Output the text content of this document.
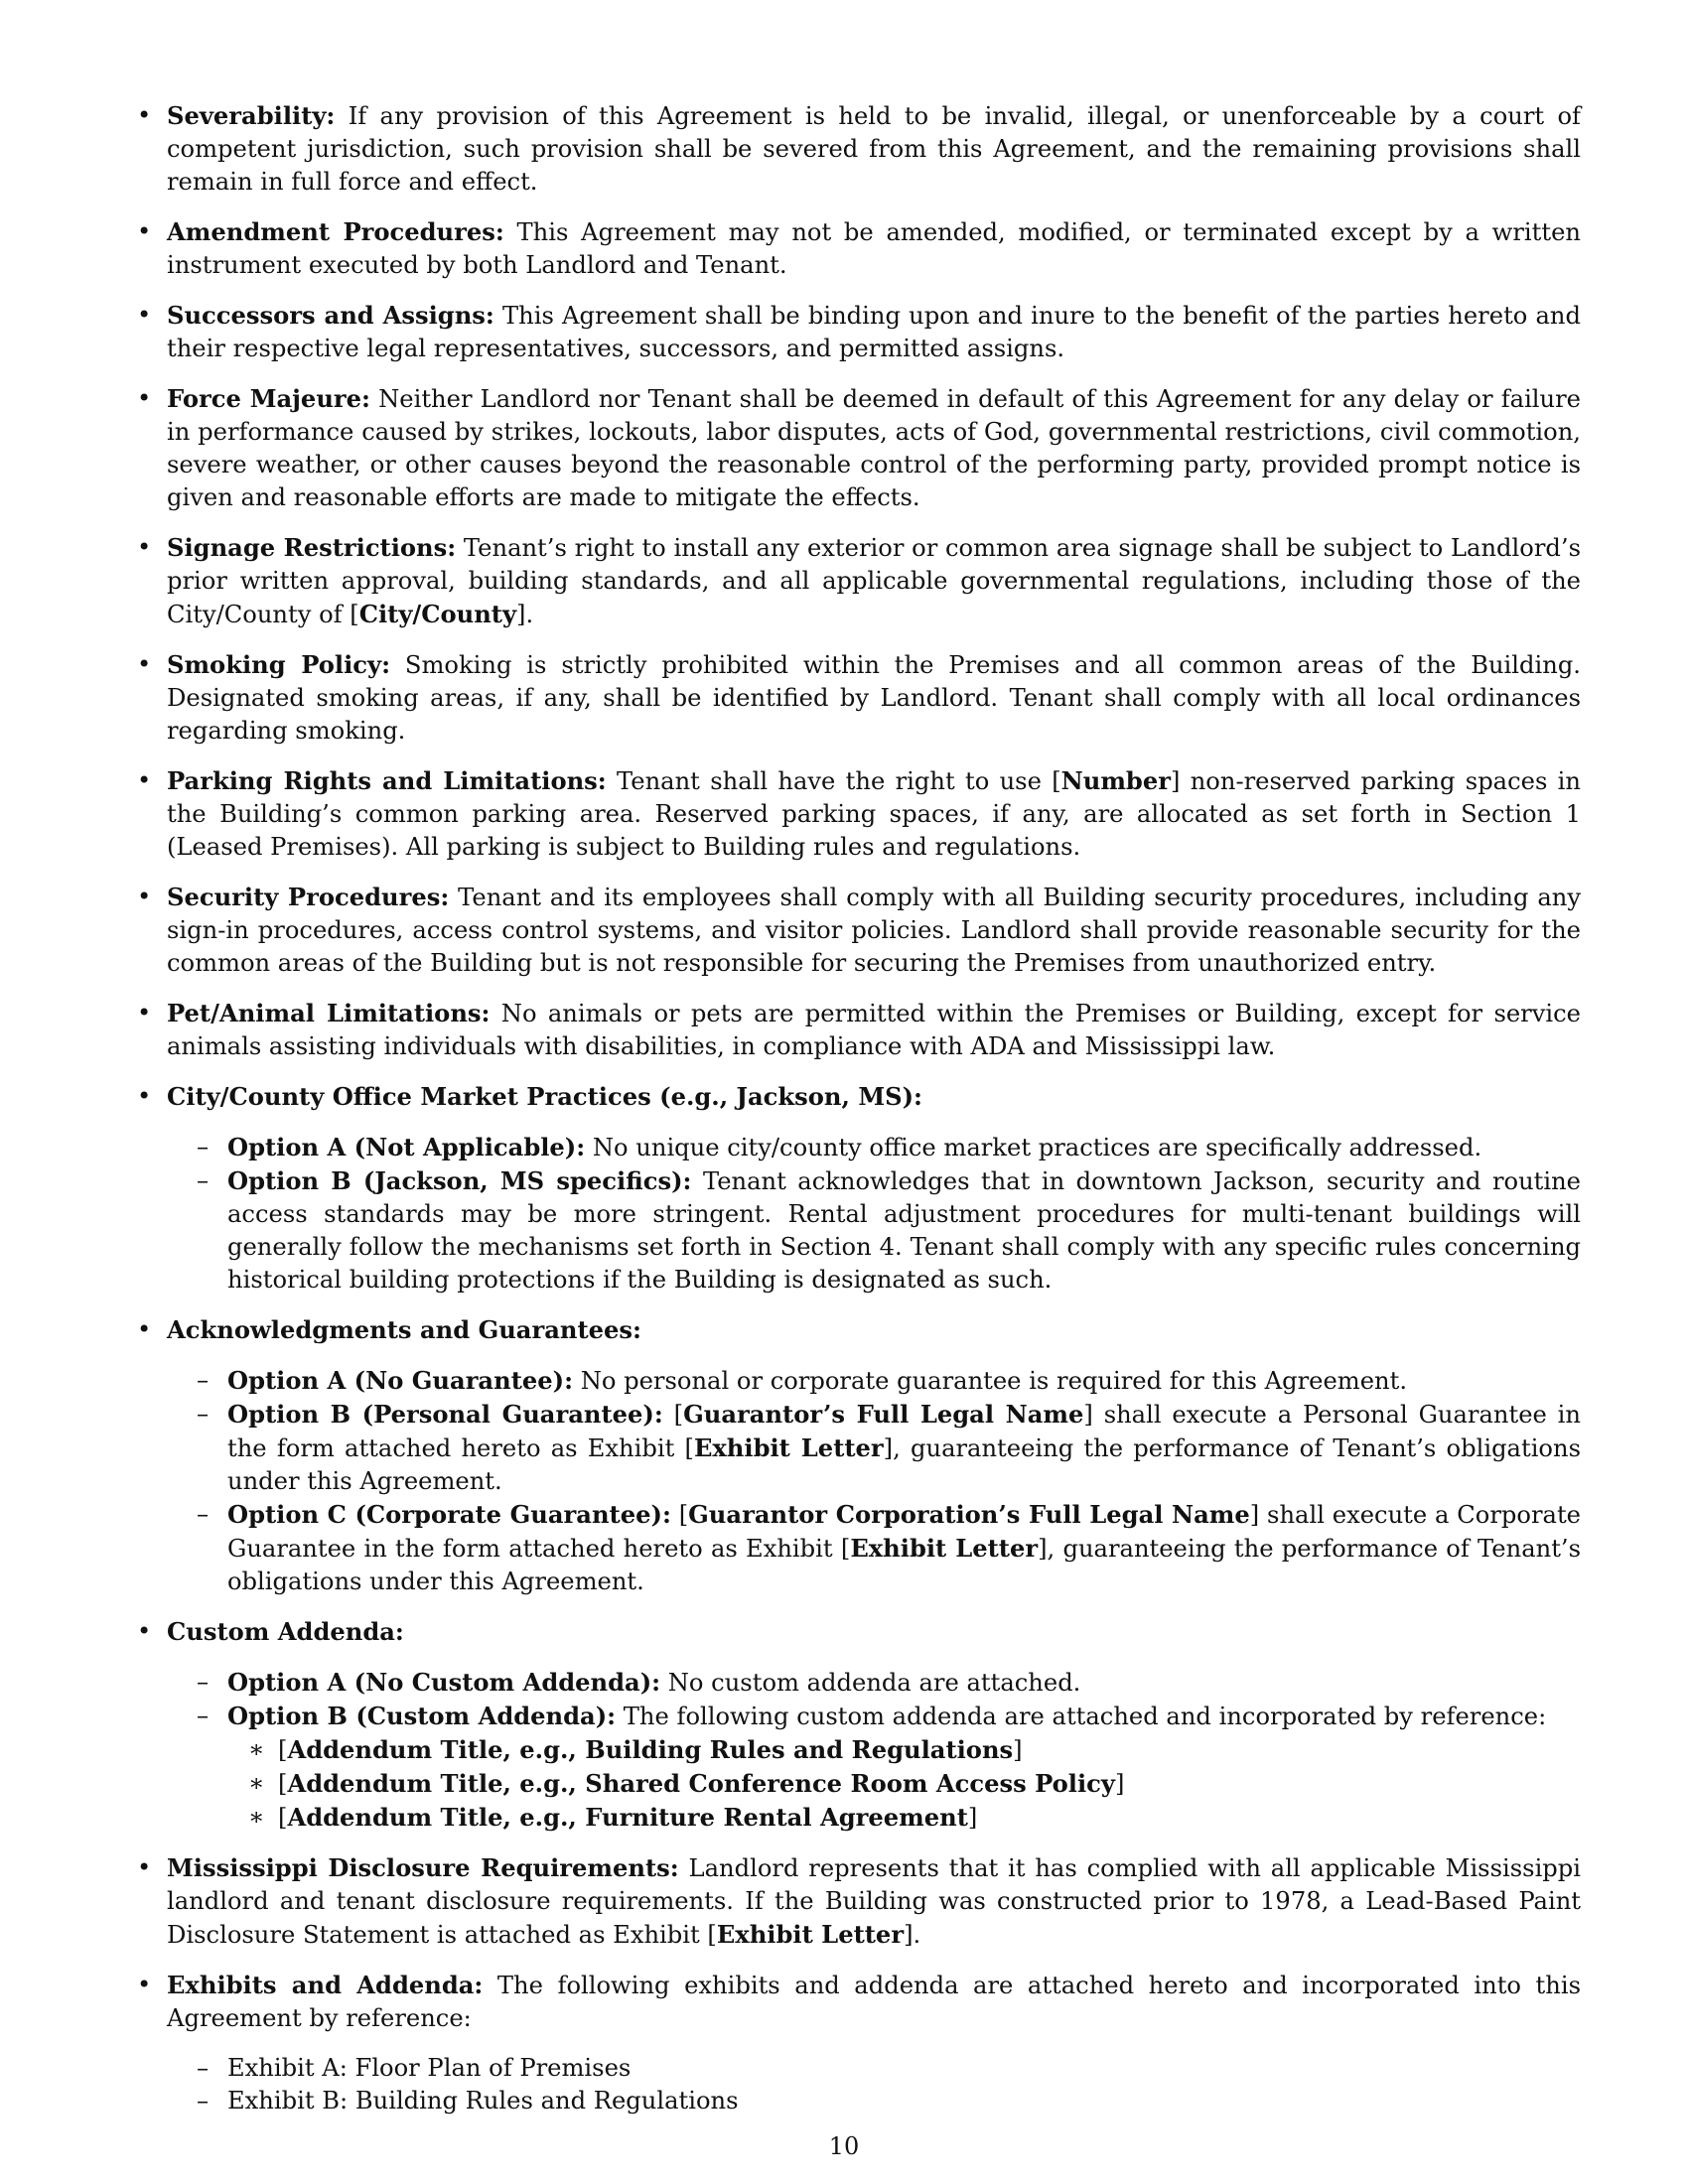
• Severability: If any provision of this Agreement is held to be invalid, illegal, or unenforceable by a court of competent jurisdiction, such provision shall be severed from this Agreement, and the remaining provisions shall remain in full force and effect.
• Amendment Procedures: This Agreement may not be amended, modified, or terminated except by a written instrument executed by both Landlord and Tenant.
• Successors and Assigns: This Agreement shall be binding upon and inure to the benefit of the parties hereto and their respective legal representatives, successors, and permitted assigns.
• Force Majeure: Neither Landlord nor Tenant shall be deemed in default of this Agreement for any delay or failure in performance caused by strikes, lockouts, labor disputes, acts of God, governmental restrictions, civil commotion, severe weather, or other causes beyond the reasonable control of the performing party, provided prompt notice is given and reasonable efforts are made to mitigate the effects.
• Signage Restrictions: Tenant’s right to install any exterior or common area signage shall be subject to Landlord’s prior written approval, building standards, and all applicable governmental regulations, including those of the City/County of [City/County].
• Smoking Policy: Smoking is strictly prohibited within the Premises and all common areas of the Building. Designated smoking areas, if any, shall be identified by Landlord. Tenant shall comply with all local ordinances regarding smoking.
• Parking Rights and Limitations: Tenant shall have the right to use [Number] non-reserved parking spaces in the Building’s common parking area. Reserved parking spaces, if any, are allocated as set forth in Section 1 (Leased Premises). All parking is subject to Building rules and regulations.
• Security Procedures: Tenant and its employees shall comply with all Building security procedures, including any sign-in procedures, access control systems, and visitor policies. Landlord shall provide reasonable security for the common areas of the Building but is not responsible for securing the Premises from unauthorized entry.
• Pet/Animal Limitations: No animals or pets are permitted within the Premises or Building, except for service animals assisting individuals with disabilities, in compliance with ADA and Mississippi law.
• City/County Office Market Practices (e.g., Jackson, MS):
– Option A (Not Applicable): No unique city/county office market practices are specifically addressed.
– Option B (Jackson, MS specifics): Tenant acknowledges that in downtown Jackson, security and routine access standards may be more stringent. Rental adjustment procedures for multi-tenant buildings will generally follow the mechanisms set forth in Section 4. Tenant shall comply with any specific rules concerning historical building protections if the Building is designated as such.
• Acknowledgments and Guarantees:
– Option A (No Guarantee): No personal or corporate guarantee is required for this Agreement.
– Option B (Personal Guarantee): [Guarantor’s Full Legal Name] shall execute a Personal Guarantee in the form attached hereto as Exhibit [Exhibit Letter], guaranteeing the performance of Tenant’s obligations under this Agreement.
– Option C (Corporate Guarantee): [Guarantor Corporation’s Full Legal Name] shall execute a Corporate Guarantee in the form attached hereto as Exhibit [Exhibit Letter], guaranteeing the performance of Tenant’s obligations under this Agreement.
• Custom Addenda:
– Option A (No Custom Addenda): No custom addenda are attached.
– Option B (Custom Addenda): The following custom addenda are attached and incorporated by reference:
∗ [Addendum Title, e.g., Building Rules and Regulations]
∗ [Addendum Title, e.g., Shared Conference Room Access Policy]
∗ [Addendum Title, e.g., Furniture Rental Agreement]
• Mississippi Disclosure Requirements: Landlord represents that it has complied with all applicable Mississippi landlord and tenant disclosure requirements. If the Building was constructed prior to 1978, a Lead-Based Paint Disclosure Statement is attached as Exhibit [Exhibit Letter].
• Exhibits and Addenda: The following exhibits and addenda are attached hereto and incorporated into this Agreement by reference:
– Exhibit A: Floor Plan of Premises
– Exhibit B: Building Rules and Regulations
10
